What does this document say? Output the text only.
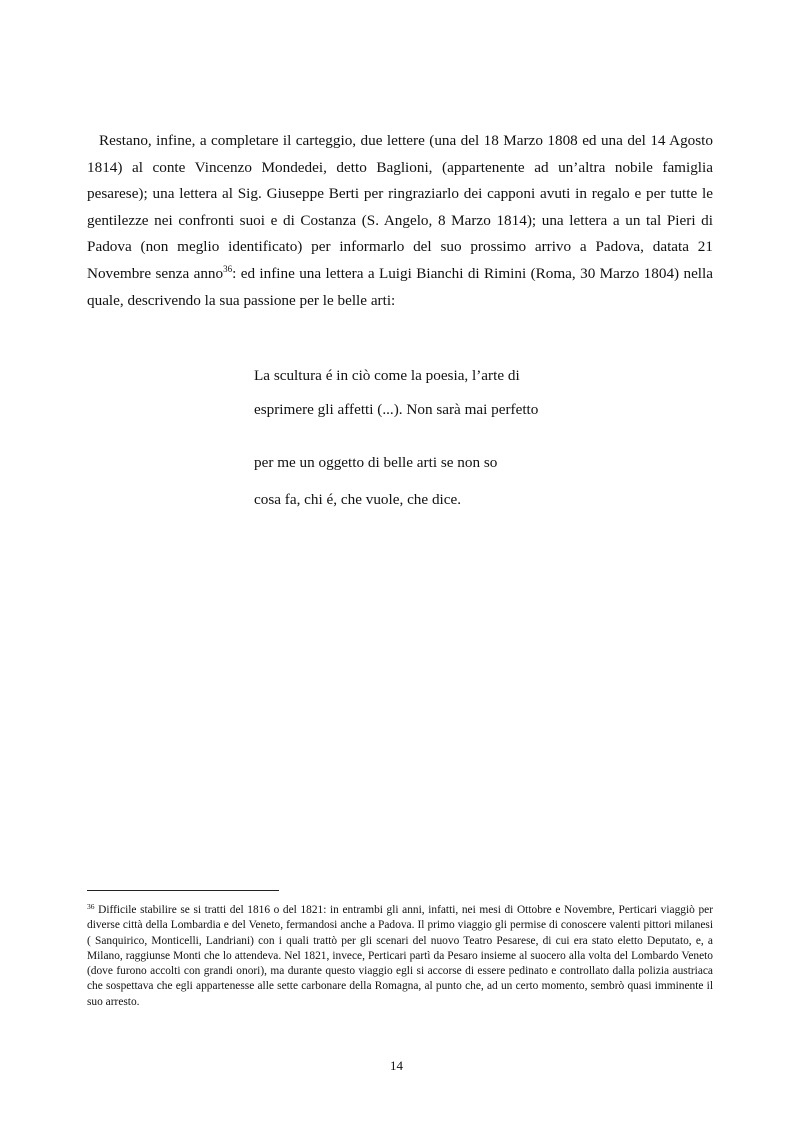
Restano, infine, a completare il carteggio, due lettere (una del 18 Marzo 1808 ed una del 14 Agosto 1814) al conte Vincenzo Mondedei, detto Baglioni, (appartenente ad un’altra nobile famiglia pesarese); una lettera al Sig. Giuseppe Berti per ringraziarlo dei capponi avuti in regalo e per tutte le gentilezze nei confronti suoi e di Costanza (S. Angelo, 8 Marzo 1814); una lettera a un tal Pieri di Padova (non meglio identificato) per informarlo del suo prossimo arrivo a Padova, datata 21 Novembre senza anno$^{36}$: ed infine una lettera a Luigi Bianchi di Rimini (Roma, 30 Marzo 1804) nella quale, descrivendo la sua passione per le belle arti:

La scultura é in ciò come la poesia, l’arte di

esprimere gli affetti (...). Non sarà mai perfetto

per me un oggetto di belle arti se non so

cosa fa, chi é, che vuole, che dice.

$^{36}$ Difficile stabilire se si tratti del 1816 o del 1821: in entrambi gli anni, infatti, nei mesi di Ottobre e Novembre, Perticari viaggiò per diverse città della Lombardia e del Veneto, fermandosi anche a Padova. Il primo viaggio gli permise di conoscere valenti pittori milanesi ( Sanquirico, Monticelli, Landriani) con i quali trattò per gli scenari del nuovo Teatro Pesarese, di cui era stato eletto Deputato, e, a Milano, raggiunse Monti che lo attendeva. Nel 1821, invece, Perticari partì da Pesaro insieme al suocero alla volta del Lombardo Veneto (dove furono accolti con grandi onori), ma durante questo viaggio egli si accorse di essere pedinato e controllato dalla polizia austriaca che sospettava che egli appartenesse alle sette carbonare della Romagna, al punto che, ad un certo momento, sembrò quasi imminente il suo arresto.

14
